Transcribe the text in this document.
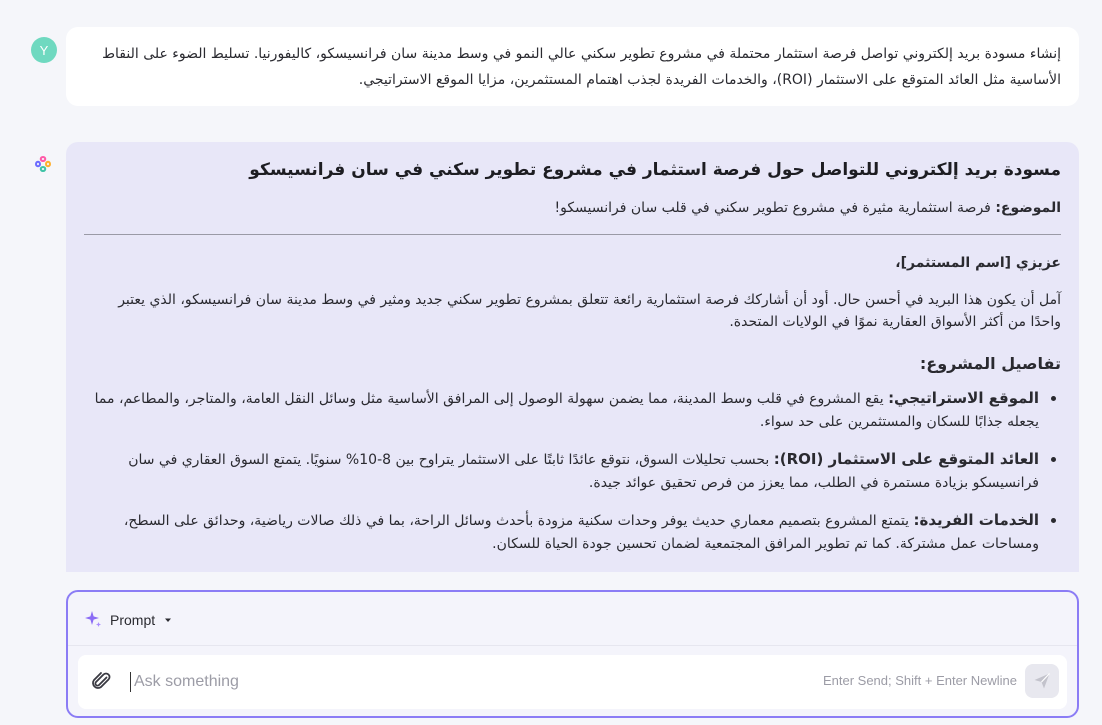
Y	إنشاء مسودة بريد إلكتروني تواصل فرصة استثمار محتملة في مشروع تطوير سكني عالي النمو في وسط مدينة سان فرانسيسكو، كاليفورنيا. تسليط الضوء على النقاط الأساسية مثل العائد المتوقع على الاستثمار (ROI)، والخدمات الفريدة لجذب اهتمام المستثمرين، مزايا الموقع الاستراتيجي.
مسودة بريد إلكتروني للتواصل حول فرصة استثمار في مشروع تطوير سكني في سان فرانسيسكو

الموضوع: فرصة استثمارية مثيرة في مشروع تطوير سكني في قلب سان فرانسيسكو!

عزيزي [اسم المستثمر]،

آمل أن يكون هذا البريد في أحسن حال. أود أن أشاركك فرصة استثمارية رائعة تتعلق بمشروع تطوير سكني جديد ومثير في وسط مدينة سان فرانسيسكو، الذي يعتبر واحدًا من أكثر الأسواق العقارية نموًا في الولايات المتحدة.

تفاصيل المشروع:
الموقع الاستراتيجي: يقع المشروع في قلب وسط المدينة، مما يضمن سهولة الوصول إلى المرافق الأساسية مثل وسائل النقل العامة، والمتاجر، والمطاعم، مما يجعله جذابًا للسكان والمستثمرين على حد سواء.
العائد المتوقع على الاستثمار (ROI): بحسب تحليلات السوق، نتوقع عائدًا ثابتًا على الاستثمار يتراوح بين 8-10% سنويًا. يتمتع السوق العقاري في سان فرانسيسكو بزيادة مستمرة في الطلب، مما يعزز من فرص تحقيق عوائد جيدة.
الخدمات الفريدة: يتمتع المشروع بتصميم معماري حديث يوفر وحدات سكنية مزودة بأحدث وسائل الراحة، بما في ذلك صالات رياضية، وحدائق على السطح، ومساحات عمل مشتركة. كما تم تطوير المرافق المجتمعية لضمان تحسين جودة الحياة للسكان.
Prompt
Ask something
Enter Send; Shift + Enter Newline
